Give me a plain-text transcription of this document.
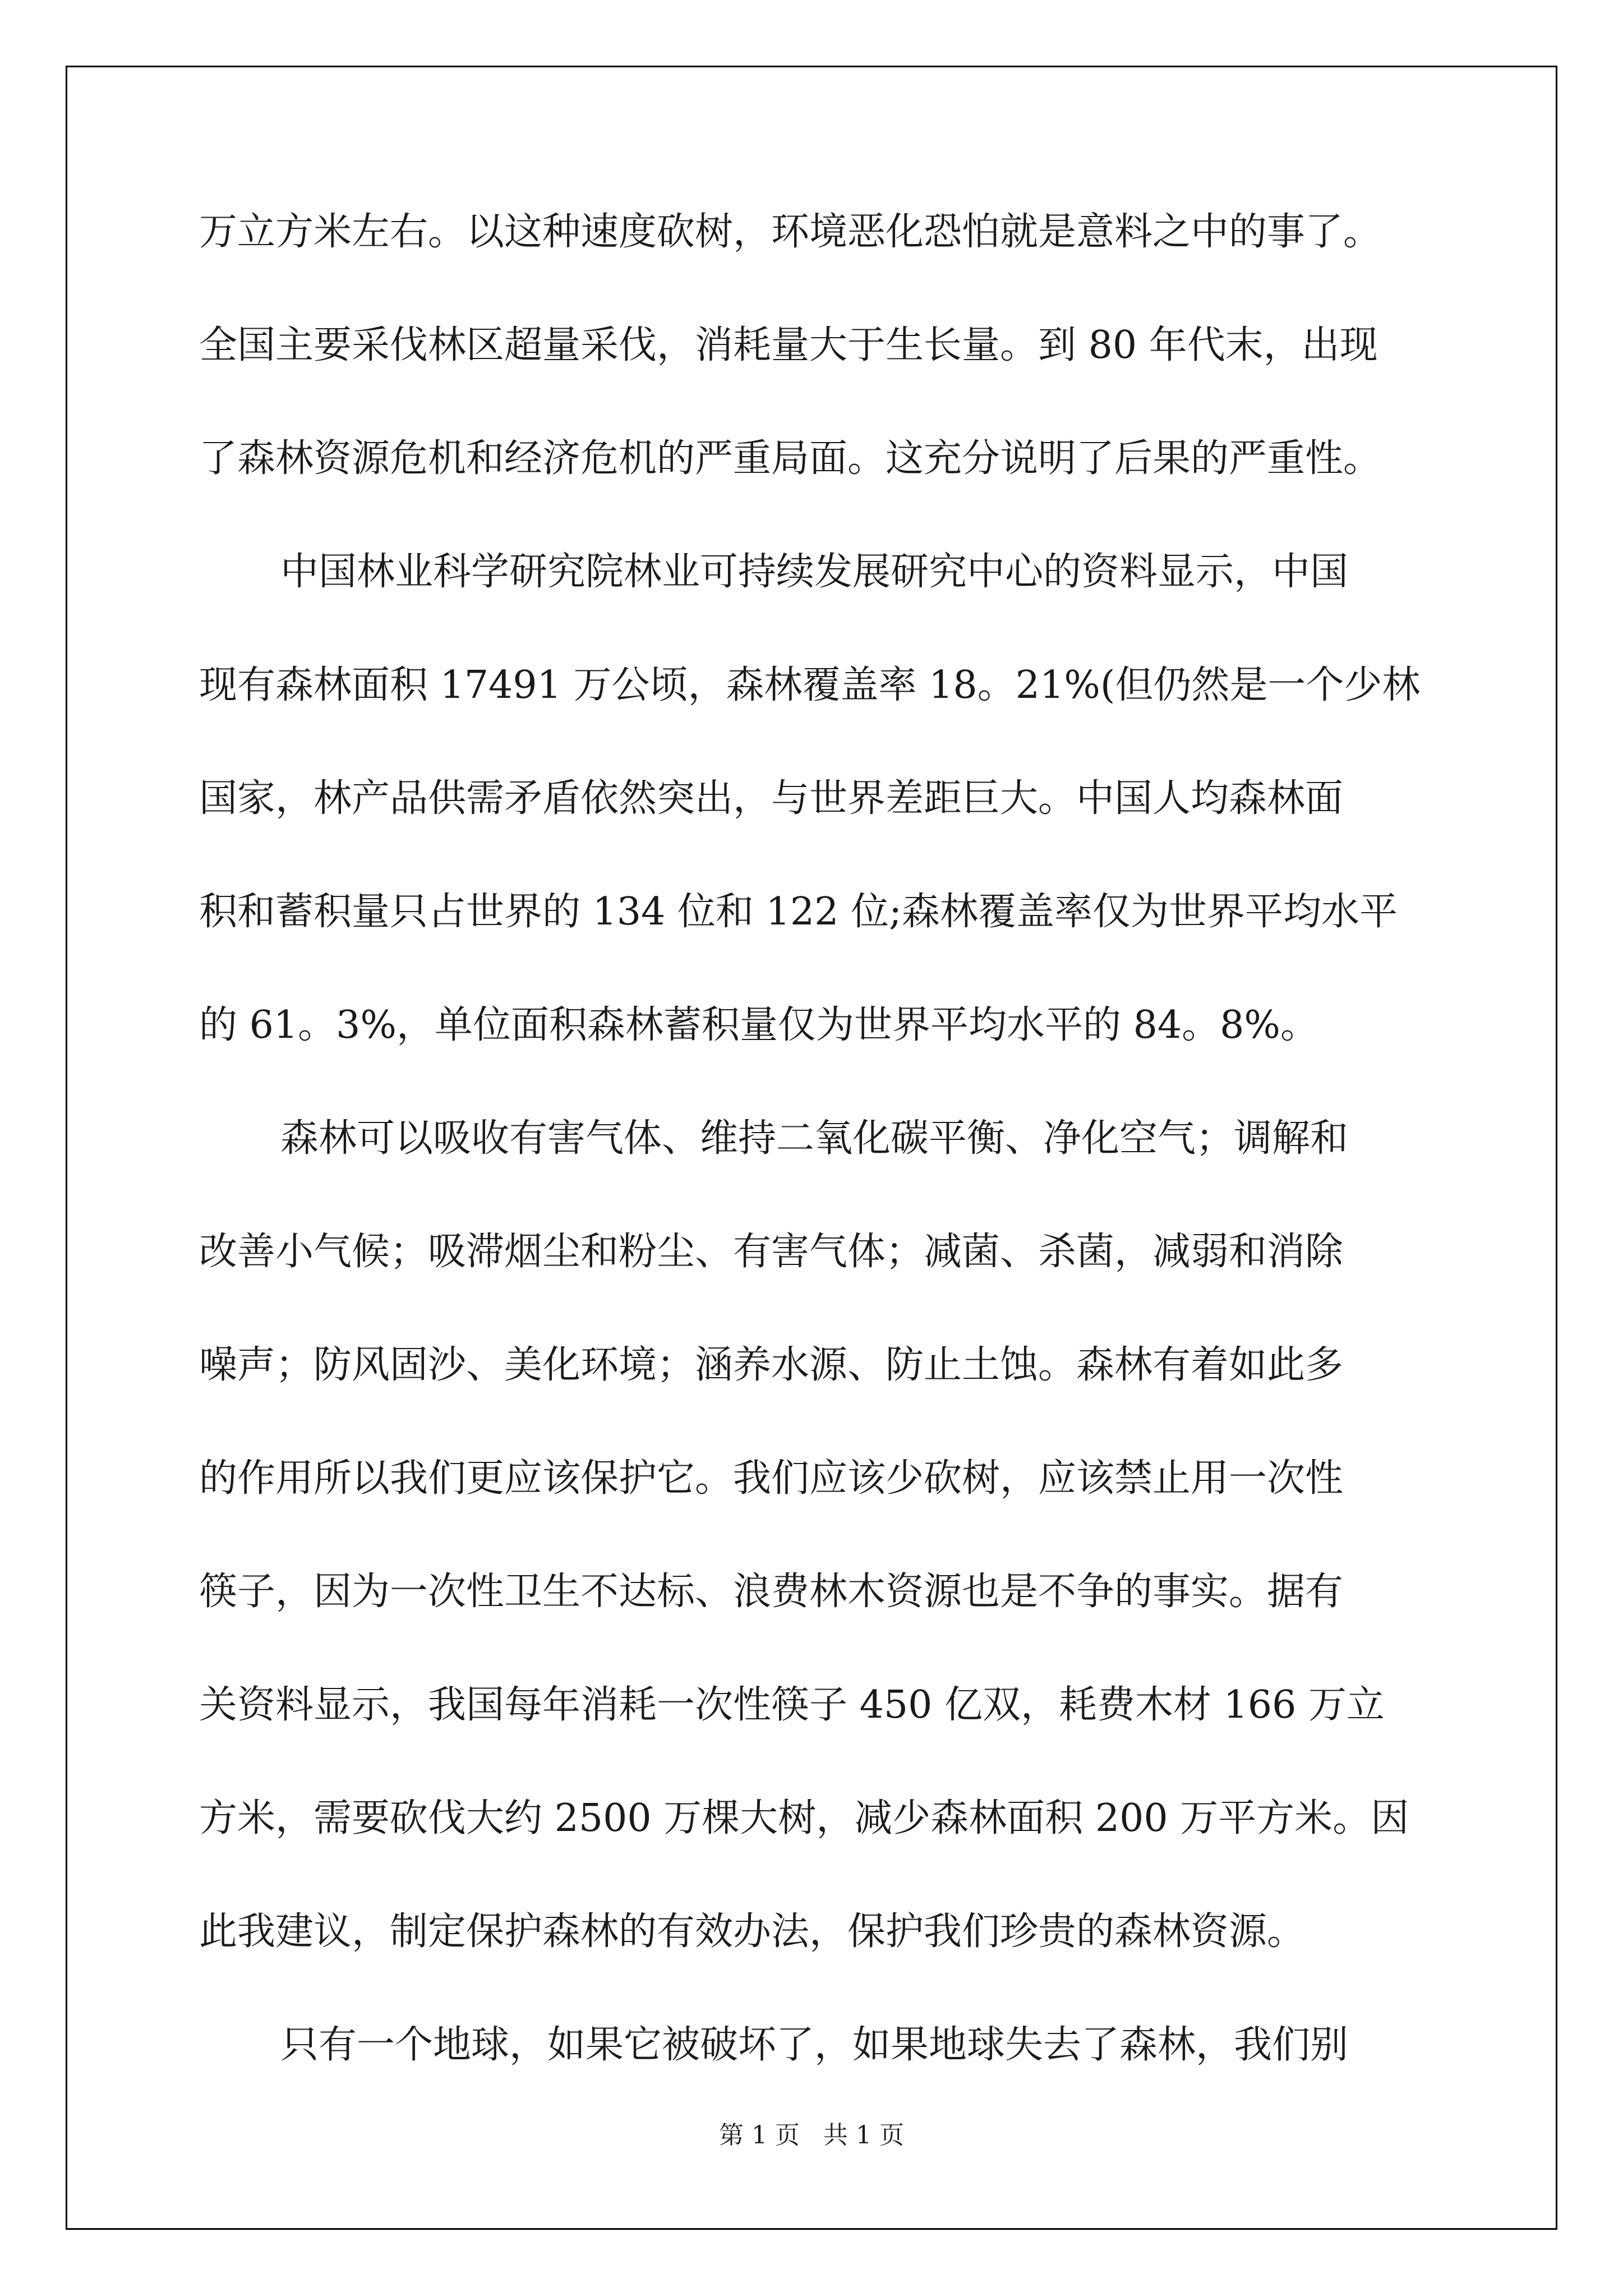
万立方米左右。以这种速度砍树，环境恶化恐怕就是意料之中的事了。
全国主要采伐林区超量采伐，消耗量大于生长量。到 80 年代末，出现
了森林资源危机和经济危机的严重局面。这充分说明了后果的严重性。
中国林业科学研究院林业可持续发展研究中心的资料显示，中国
现有森林面积 17491 万公顷，森林覆盖率 18。21%(但仍然是一个少林
国家，林产品供需矛盾依然突出，与世界差距巨大。中国人均森林面
积和蓄积量只占世界的 134 位和 122 位;森林覆盖率仅为世界平均水平
的 61。3%，单位面积森林蓄积量仅为世界平均水平的 84。8%。
森林可以吸收有害气体、维持二氧化碳平衡、净化空气；调解和
改善小气候；吸滞烟尘和粉尘、有害气体；减菌、杀菌，减弱和消除
噪声；防风固沙、美化环境；涵养水源、防止土蚀。森林有着如此多
的作用所以我们更应该保护它。我们应该少砍树，应该禁止用一次性
筷子，因为一次性卫生不达标、浪费林木资源也是不争的事实。据有
关资料显示，我国每年消耗一次性筷子 450 亿双，耗费木材 166 万立
方米，需要砍伐大约 2500 万棵大树，减少森林面积 200 万平方米。因
此我建议，制定保护森林的有效办法，保护我们珍贵的森林资源。
只有一个地球，如果它被破坏了，如果地球失去了森林，我们别
第 1 页   共 1 页
